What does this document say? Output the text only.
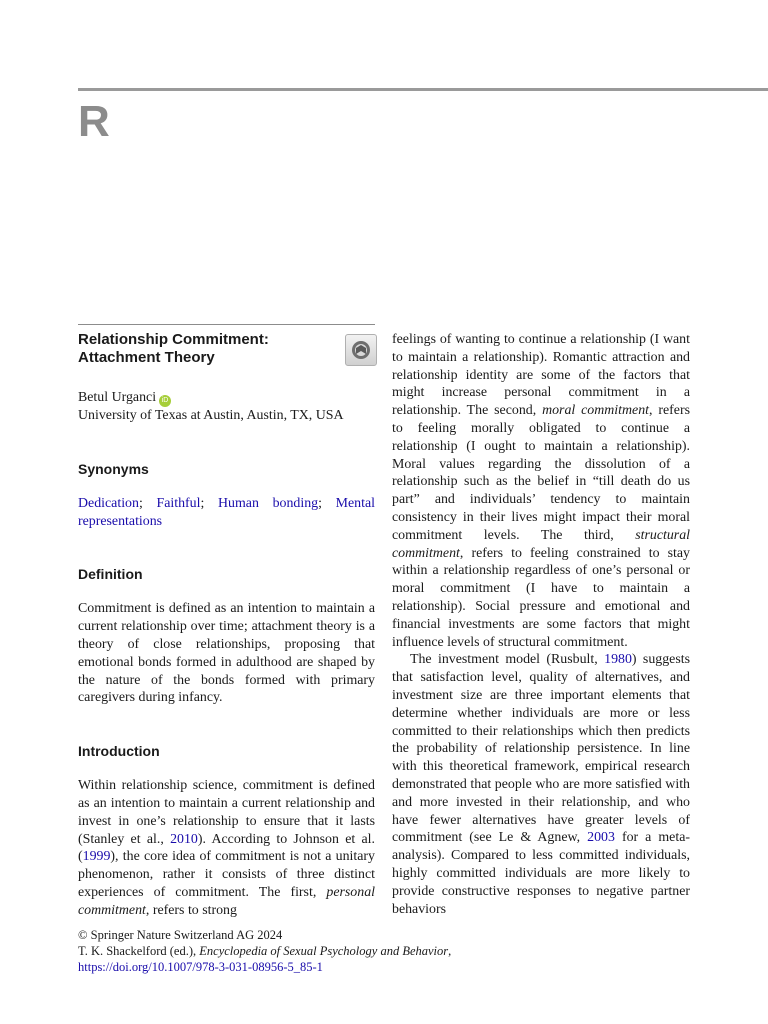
R

Relationship Commitment:
Attachment Theory

Betul Urganci iD
University of Texas at Austin, Austin, TX, USA
Synonyms

Dedication; Faithful; Human bonding; Mental representations

Definition

Commitment is defined as an intention to maintain a current relationship over time; attachment theory is a theory of close relationships, proposing that emotional bonds formed in adulthood are shaped by the nature of the bonds formed with primary caregivers during infancy.

Introduction

Within relationship science, commitment is defined as an intention to maintain a current relationship and invest in one’s relationship to ensure that it lasts (Stanley et al., 2010). According to Johnson et al. (1999), the core idea of commitment is not a unitary phenomenon, rather it consists of three distinct experiences of commitment. The first, personal commitment, refers to strong

feelings of wanting to continue a relationship (I want to maintain a relationship). Romantic attraction and relationship identity are some of the factors that might increase personal commitment in a relationship. The second, moral commitment, refers to feeling morally obligated to continue a relationship (I ought to maintain a relationship). Moral values regarding the dissolution of a relationship such as the belief in “till death do us part” and individuals’ tendency to maintain consistency in their lives might impact their moral commitment levels. The third, structural commitment, refers to feeling constrained to stay within a relationship regardless of one’s personal or moral commitment (I have to maintain a relationship). Social pressure and emotional and financial investments are some factors that might influence levels of structural commitment.

The investment model (Rusbult, 1980) suggests that satisfaction level, quality of alternatives, and investment size are three important elements that determine whether individuals are more or less committed to their relationships which then predicts the probability of relationship persistence. In line with this theoretical framework, empirical research demonstrated that people who are more satisfied with and more invested in their relationship, and who have fewer alternatives have greater levels of commitment (see Le & Agnew, 2003 for a meta-analysis). Compared to less committed individuals, highly committed individuals are more likely to provide constructive responses to negative partner behaviors

© Springer Nature Switzerland AG 2024
T. K. Shackelford (ed.), Encyclopedia of Sexual Psychology and Behavior,
https://doi.org/10.1007/978-3-031-08956-5_85-1
